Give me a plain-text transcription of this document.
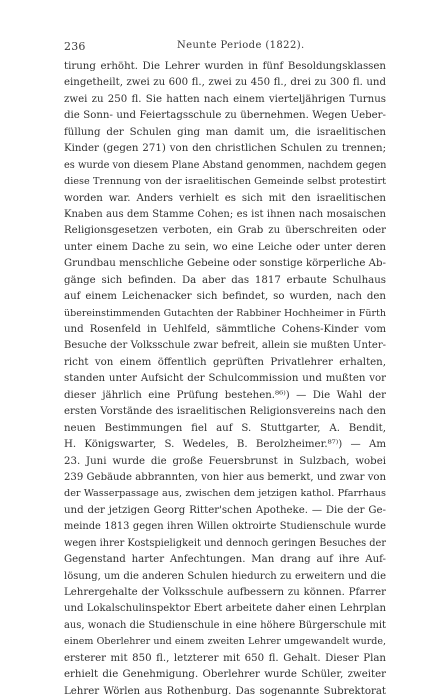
236	Neunte Periode (1822).
tirung erhöht. Die Lehrer wurden in fünf Besoldungsklassen
eingetheilt, zwei zu 600 fl., zwei zu 450 fl., drei zu 300 fl. und
zwei zu 250 fl. Sie hatten nach einem vierteljährigen Turnus
die Sonn- und Feiertagsschule zu übernehmen. Wegen Ueber-
füllung der Schulen ging man damit um, die israelitischen
Kinder (gegen 271) von den christlichen Schulen zu trennen;
es wurde von diesem Plane Abstand genommen, nachdem gegen
diese Trennung von der israelitischen Gemeinde selbst protestirt
worden war. Anders verhielt es sich mit den israelitischen
Knaben aus dem Stamme Cohen; es ist ihnen nach mosaischen
Religionsgesetzen verboten, ein Grab zu überschreiten oder
unter einem Dache zu sein, wo eine Leiche oder unter deren
Grundbau menschliche Gebeine oder sonstige körperliche Ab-
gänge sich befinden. Da aber das 1817 erbaute Schulhaus
auf einem Leichenacker sich befindet, so wurden, nach den
übereinstimmenden Gutachten der Rabbiner Hochheimer in Fürth
und Rosenfeld in Uehlfeld, sämmtliche Cohens-Kinder vom
Besuche der Volksschule zwar befreit, allein sie mußten Unter-
richt von einem öffentlich geprüften Privatlehrer erhalten,
standen unter Aufsicht der Schulcommission und mußten vor
dieser jährlich eine Prüfung bestehen.⁸⁶⁾) — Die Wahl der
ersten Vorstände des israelitischen Religionsvereins nach den
neuen Bestimmungen fiel auf S. Stuttgarter, A. Bendit,
H. Königswarter, S. Wedeles, B. Berolzheimer.⁸⁷⁾) — Am
23. Juni wurde die große Feuersbrunst in Sulzbach, wobei
239 Gebäude abbrannten, von hier aus bemerkt, und zwar von
der Wasserpassage aus, zwischen dem jetzigen kathol. Pfarrhaus
und der jetzigen Georg Ritter'schen Apotheke. — Die der Ge-
meinde 1813 gegen ihren Willen oktroirte Studienschule wurde
wegen ihrer Kostspieligkeit und dennoch geringen Besuches der
Gegenstand harter Anfechtungen. Man drang auf ihre Auf-
lösung, um die anderen Schulen hiedurch zu erweitern und die
Lehrergehalte der Volksschule aufbessern zu können. Pfarrer
und Lokalschulinspektor Ebert arbeitete daher einen Lehrplan
aus, wonach die Studienschule in eine höhere Bürgerschule mit
einem Oberlehrer und einem zweiten Lehrer umgewandelt wurde,
ersterer mit 850 fl., letzterer mit 650 fl. Gehalt. Dieser Plan
erhielt die Genehmigung. Oberlehrer wurde Schüler, zweiter
Lehrer Wörlen aus Rothenburg. Das sogenannte Subrektorat
